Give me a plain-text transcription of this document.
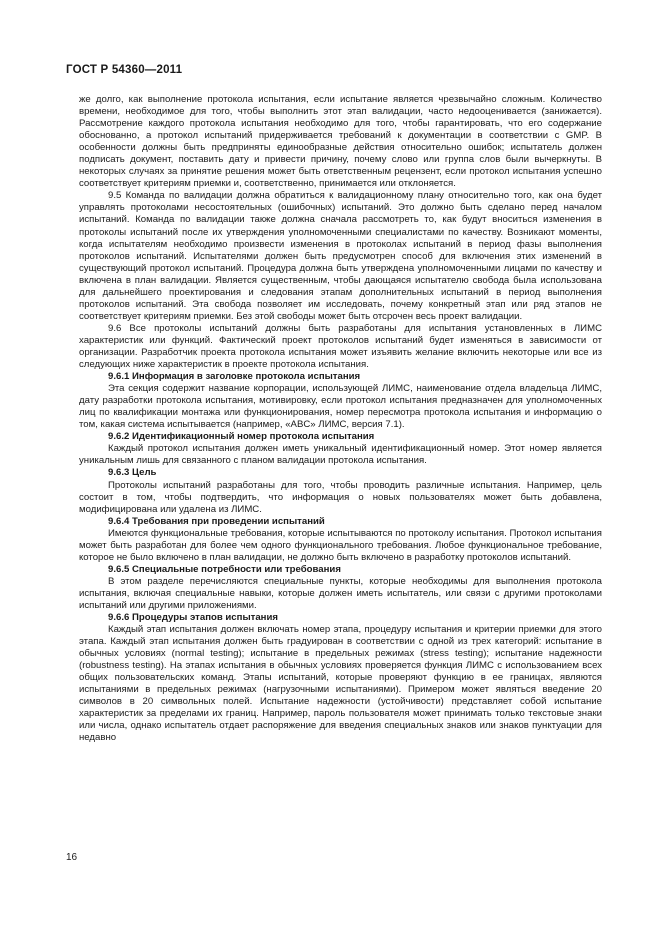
ГОСТ Р 54360—2011

же долго, как выполнение протокола испытания, если испытание является чрезвычайно сложным. Количество времени, необходимое для того, чтобы выполнить этот этап валидации, часто недооценивается (занижается). Рассмотрение каждого протокола испытания необходимо для того, чтобы гарантировать, что его содержание обоснованно, а протокол испытаний придерживается требований к документации в соответствии с GMP. В особенности должны быть предприняты единообразные действия относительно ошибок; испытатель должен подписать документ, поставить дату и привести причину, почему слово или группа слов были вычеркнуты. В некоторых случаях за принятие решения может быть ответственным рецензент, если протокол испытания успешно соответствует критериям приемки и, соответственно, принимается или отклоняется.

9.5 Команда по валидации должна обратиться к валидационному плану относительно того, как она будет управлять протоколами несостоятельных (ошибочных) испытаний. Это должно быть сделано перед началом испытаний. Команда по валидации также должна сначала рассмотреть то, как будут вноситься изменения в протоколы испытаний после их утверждения уполномоченными специалистами по качеству. Возникают моменты, когда испытателям необходимо произвести изменения в протоколах испытаний в период фазы выполнения протоколов испытаний. Испытателями должен быть предусмотрен способ для включения этих изменений в существующий протокол испытаний. Процедура должна быть утверждена уполномоченными лицами по качеству и включена в план валидации. Является существенным, чтобы дающаяся испытателю свобода была использована для дальнейшего проектирования и следования этапам дополнительных испытаний в период выполнения протоколов испытаний. Эта свобода позволяет им исследовать, почему конкретный этап или ряд этапов не соответствует критериям приемки. Без этой свободы может быть отсрочен весь проект валидации.

9.6 Все протоколы испытаний должны быть разработаны для испытания установленных в ЛИМС характеристик или функций. Фактический проект протоколов испытаний будет изменяться в зависимости от организации. Разработчик проекта протокола испытания может изъявить желание включить некоторые или все из следующих ниже характеристик в проекте протокола испытания.

9.6.1 Информация в заголовке протокола испытания

Эта секция содержит название корпорации, использующей ЛИМС, наименование отдела владельца ЛИМС, дату разработки протокола испытания, мотивировку, если протокол испытания предназначен для уполномоченных лиц по квалификации монтажа или функционирования, номер пересмотра протокола испытания и информацию о том, какая система испытывается (например, «ABC» ЛИМС, версия 7.1).

9.6.2 Идентификационный номер протокола испытания

Каждый протокол испытания должен иметь уникальный идентификационный номер. Этот номер является уникальным лишь для связанного с планом валидации протокола испытания.

9.6.3 Цель

Протоколы испытаний разработаны для того, чтобы проводить различные испытания. Например, цель состоит в том, чтобы подтвердить, что информация о новых пользователях может быть добавлена, модифицирована или удалена из ЛИМС.

9.6.4 Требования при проведении испытаний

Имеются функциональные требования, которые испытываются по протоколу испытания. Протокол испытания может быть разработан для более чем одного функционального требования. Любое функциональное требование, которое не было включено в план валидации, не должно быть включено в разработку протоколов испытаний.

9.6.5 Специальные потребности или требования

В этом разделе перечисляются специальные пункты, которые необходимы для выполнения протокола испытания, включая специальные навыки, которые должен иметь испытатель, или связи с другими протоколами испытаний или другими приложениями.

9.6.6 Процедуры этапов испытания

Каждый этап испытания должен включать номер этапа, процедуру испытания и критерии приемки для этого этапа. Каждый этап испытания должен быть градуирован в соответствии с одной из трех категорий: испытание в обычных условиях (normal testing); испытание в предельных режимах (stress testing); испытание надежности (robustness testing). На этапах испытания в обычных условиях проверяется функция ЛИМС с использованием всех общих пользовательских команд. Этапы испытаний, которые проверяют функцию в ее границах, являются испытаниями в предельных режимах (нагрузочными испытаниями). Примером может являться введение 20 символов в 20 символьных полей. Испытание надежности (устойчивости) представляет собой испытание характеристик за пределами их границ. Например, пароль пользователя может принимать только текстовые знаки или числа, однако испытатель отдает распоряжение для введения специальных знаков или знаков пунктуации для недавно

16
